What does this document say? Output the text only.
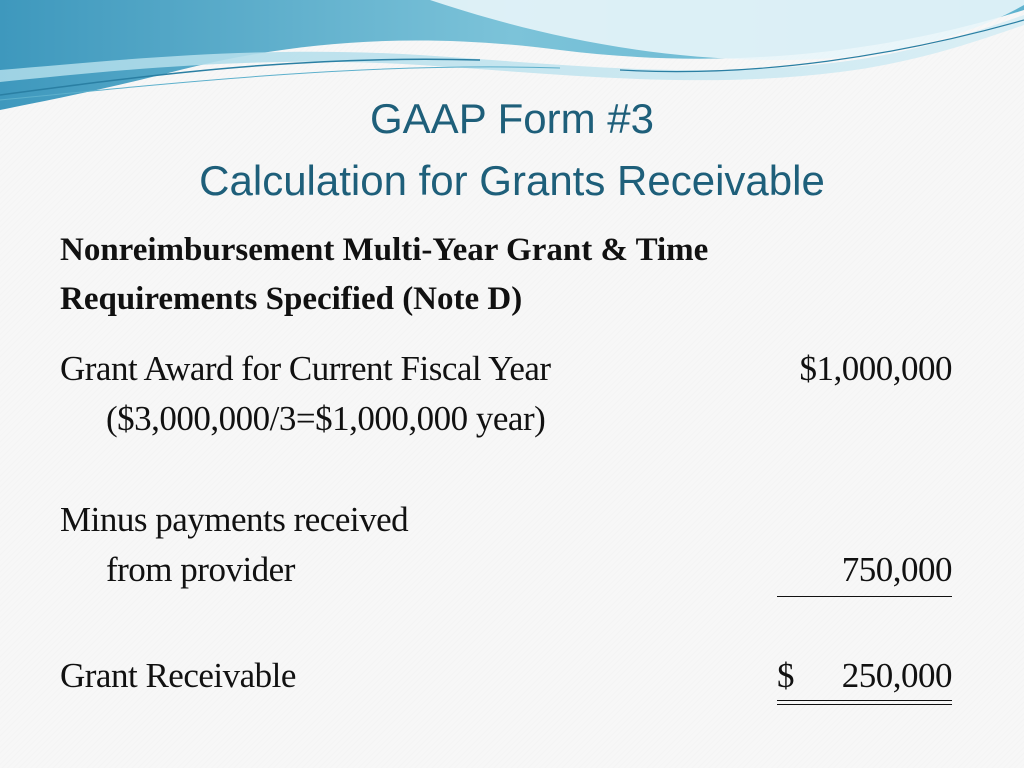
GAAP Form #3
Calculation for Grants Receivable
Nonreimbursement Multi-Year Grant & Time
Requirements Specified (Note D)
Grant Award for Current Fiscal Year	$1,000,000
($3,000,000/3=$1,000,000 year)
Minus payments received
from provider	750,000
Grant Receivable	$ 250,000
